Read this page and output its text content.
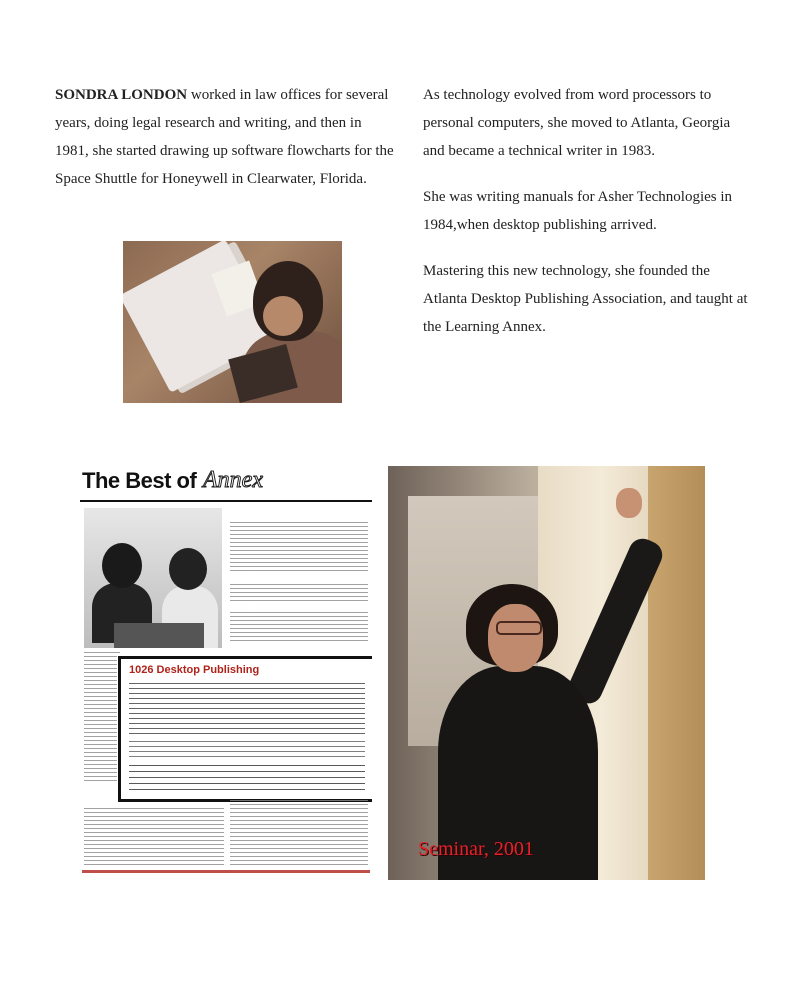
SONDRA LONDON worked in law offices for several years, doing legal research and writing, and then in 1981, she started drawing up software flowcharts for the Space Shuttle for Honeywell in Clearwater, Florida.

As technology evolved from word processors to personal computers, she moved to Atlanta, Georgia and became a technical writer in 1983.

She was writing manuals for Asher Technologies in 1984,when desktop publishing arrived.

Mastering this new technology, she founded the Atlanta Desktop Publishing Association, and taught at the Learning Annex.

The Best of Annex

1026 Desktop Publishing
Seminar, 2001
